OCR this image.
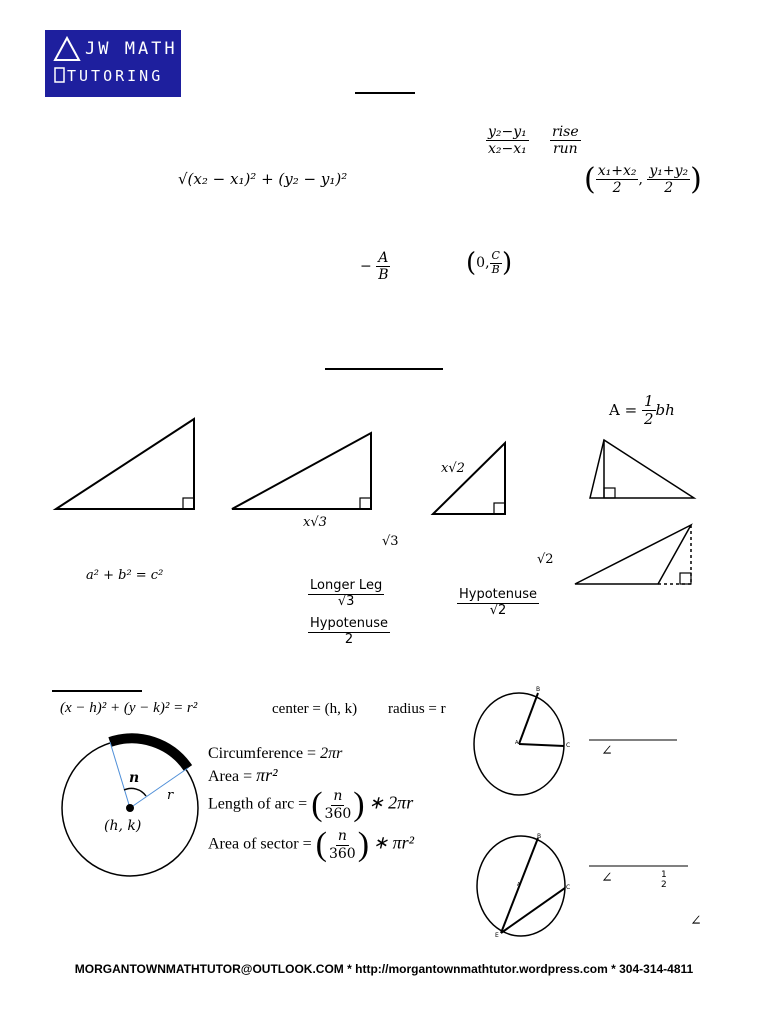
JW MATH
TUTORING
√(x₂ − x₁)² + (y₂ − y₁)²
$\frac{\text{y₂−y₁}}{\text{x₂−x₁}} \frac{\text{rise}}{\text{run}}$
( $\frac{\text{x₁+x₂}}{2}$ , $\frac{\text{y₁+y₂}}{2}$ )
− $\frac{A}{B}$	(0, $\frac{C}{B}$ )
$A = \frac{1}{2}$ bh
a² + b² = c²
x√3
√3
x√2
√2
$\frac{\text{Longer Leg}}{√3}$
$\frac{\text{Hypotenuse}}{2}$
$\frac{\text{Hypotenuse}}{√2}$
(x − h)² + (y − k)² = r²	center = (h, k) radius = r
n
r
(h, k)
Circumference = 2πr
Area = πr²
Length of arc = ( $\frac{n}{360}$ ) ∗ 2πr
Area of sector = ( $\frac{n}{360}$ ) ∗ πr²
A
B
C
A
B
C
E
∠
∠
∠
1
2
MORGANTOWNMATHTUTOR@OUTLOOK.COM * http://morgantownmathtutor.wordpress.com * 304-314-4811
